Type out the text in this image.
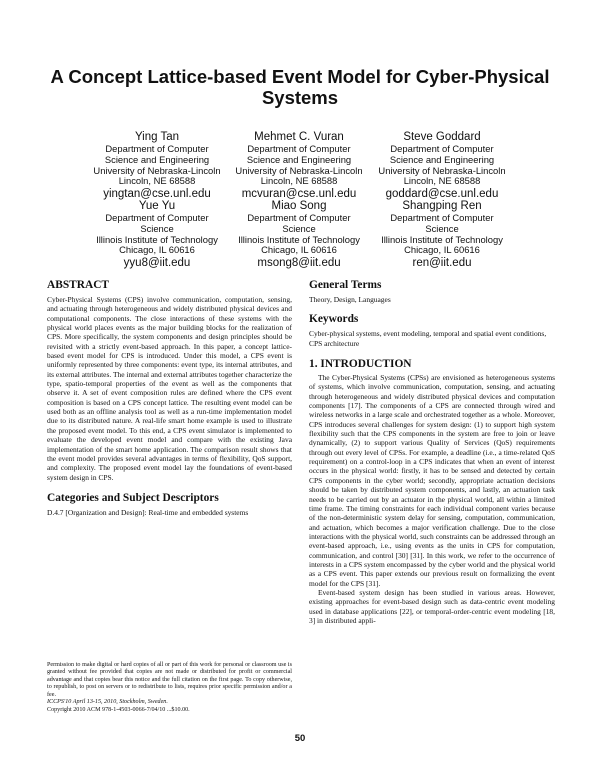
A Concept Lattice-based Event Model for Cyber-Physical Systems
Ying Tan
Department of Computer
Science and Engineering
University of Nebraska-Lincoln
Lincoln, NE 68588
yingtan@cse.unl.edu
Mehmet C. Vuran
Department of Computer
Science and Engineering
University of Nebraska-Lincoln
Lincoln, NE 68588
mcvuran@cse.unl.edu
Steve Goddard
Department of Computer
Science and Engineering
University of Nebraska-Lincoln
Lincoln, NE 68588
goddard@cse.unl.edu
Yue Yu
Department of Computer
Science
Illinois Institute of Technology
Chicago, IL 60616
yyu8@iit.edu
Miao Song
Department of Computer
Science
Illinois Institute of Technology
Chicago, IL 60616
msong8@iit.edu
Shangping Ren
Department of Computer
Science
Illinois Institute of Technology
Chicago, IL 60616
ren@iit.edu
ABSTRACT

Cyber-Physical Systems (CPS) involve communication, computation, sensing, and actuating through heterogeneous and widely distributed physical devices and computational components. The close interactions of these systems with the physical world places events as the major building blocks for the realization of CPS. More specifically, the system components and design principles should be revisited with a strictly event-based approach. In this paper, a concept lattice-based event model for CPS is introduced. Under this model, a CPS event is uniformly represented by three components: event type, its internal attributes, and its external attributes. The internal and external attributes together characterize the type, spatio-temporal properties of the event as well as the components that observe it. A set of event composition rules are defined where the CPS event composition is based on a CPS concept lattice. The resulting event model can be used both as an offline analysis tool as well as a run-time implementation model due to its distributed nature. A real-life smart home example is used to illustrate the proposed event model. To this end, a CPS event simulator is implemented to evaluate the developed event model and compare with the existing Java implementation of the smart home application. The comparison result shows that the event model provides several advantages in terms of flexibility, QoS support, and complexity. The proposed event model lay the foundations of event-based system design in CPS.

Categories and Subject Descriptors

D.4.7 [Organization and Design]: Real-time and embedded systems

Permission to make digital or hard copies of all or part of this work for personal or classroom use is granted without fee provided that copies are not made or distributed for profit or commercial advantage and that copies bear this notice and the full citation on the first page. To copy otherwise, to republish, to post on servers or to redistribute to lists, requires prior specific permission and/or a fee.

ICCPS'10 April 13-15, 2010, Stockholm, Sweden.

Copyright 2010 ACM 978-1-4503-0066-7/04/10 ...$10.00.

General Terms

Theory, Design, Languages

Keywords

Cyber-physical systems, event modeling, temporal and spatial event conditions, CPS architecture

1. INTRODUCTION

The Cyber-Physical Systems (CPSs) are envisioned as heterogeneous systems of systems, which involve communication, computation, sensing, and actuating through heterogeneous and widely distributed physical devices and computation components [17]. The components of a CPS are connected through wired and wireless networks in a large scale and orchestrated together as a whole. Moreover, CPS introduces several challenges for system design: (1) to support high system flexibility such that the CPS components in the system are free to join or leave dynamically, (2) to support various Quality of Services (QoS) requirements through out every level of CPSs. For example, a deadline (i.e., a time-related QoS requirement) on a control-loop in a CPS indicates that when an event of interest occurs in the physical world: firstly, it has to be sensed and detected by certain CPS components in the cyber world; secondly, appropriate actuation decisions should be taken by distributed system components, and lastly, an actuation task needs to be carried out by an actuator in the physical world, all within a limited time frame. The timing constraints for each individual component varies because of the non-deterministic system delay for sensing, computation, communication, and actuation, which becomes a major verification challenge. Due to the close interactions with the physical world, such constraints can be addressed through an event-based approach, i.e., using events as the units in CPS for computation, communication, and control [30] [31]. In this work, we refer to the occurrence of interests in a CPS system encompassed by the cyber world and the physical world as a CPS event. This paper extends our previous result on formalizing the event model for the CPS [31].

Event-based system design has been studied in various areas. However, existing approaches for event-based design such as data-centric event modeling used in database applications [22], or temporal-order-centric event modeling [18, 3] in distributed appli-

50
